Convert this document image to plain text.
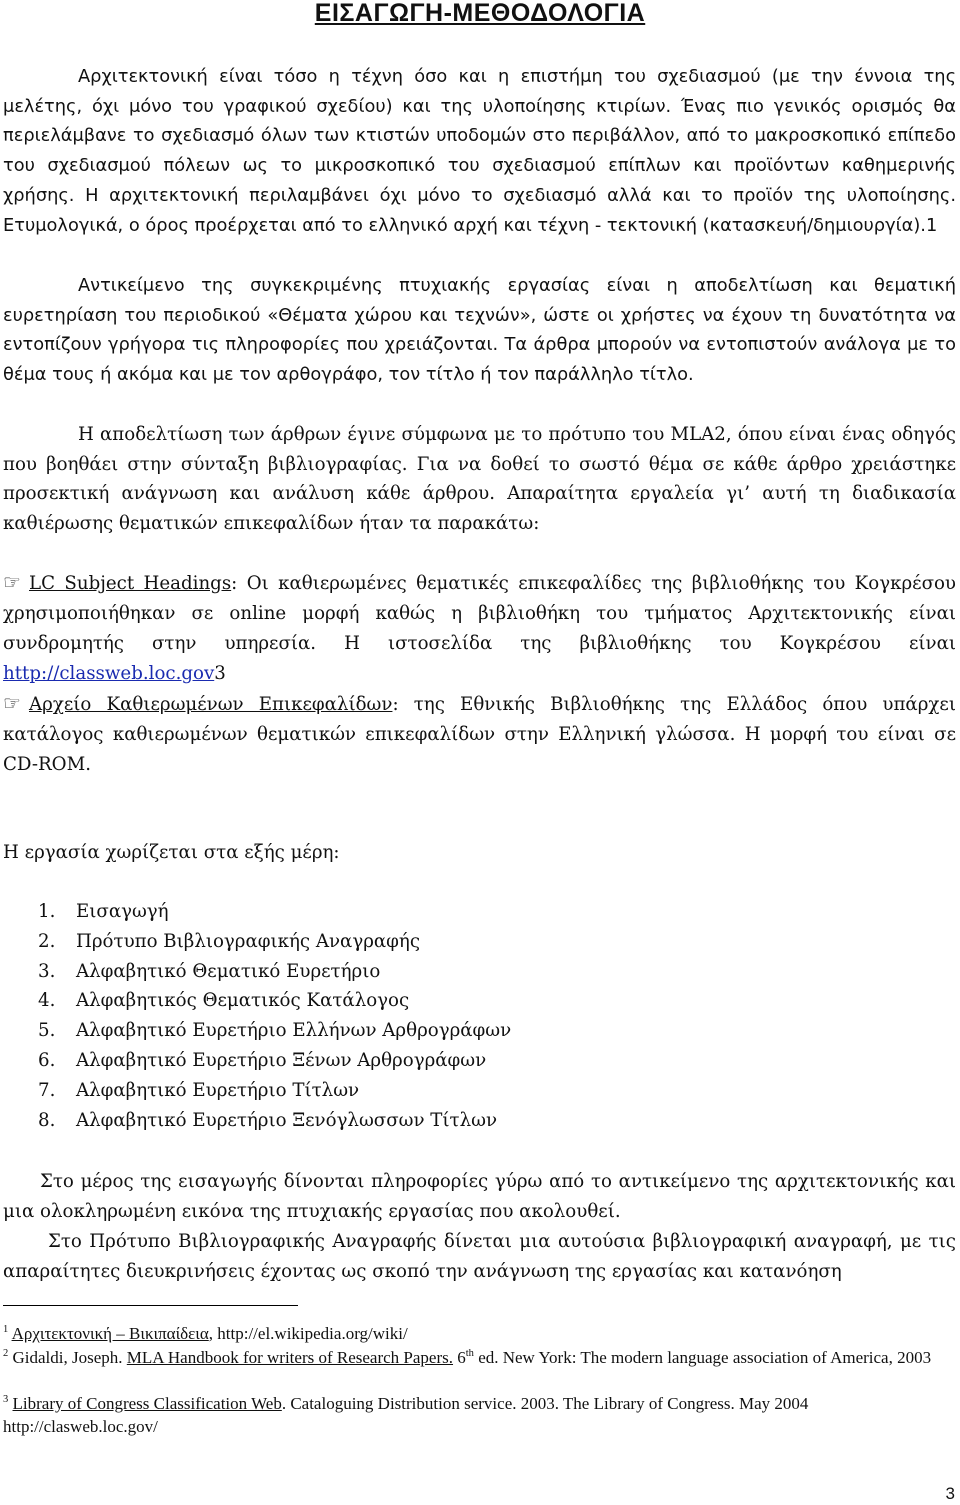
ΕΙΣΑΓΩΓΗ-ΜΕΘΟΔΟΛΟΓΙΑ
Αρχιτεκτονική είναι τόσο η τέχνη όσο και η επιστήμη του σχεδιασμού (με την έννοια της μελέτης, όχι μόνο του γραφικού σχεδίου) και της υλοποίησης κτιρίων. Ένας πιο γενικός ορισμός θα περιελάμβανε το σχεδιασμό όλων των κτιστών υποδομών στο περιβάλλον, από το μακροσκοπικό επίπεδο του σχεδιασμού πόλεων ως το μικροσκοπικό του σχεδιασμού επίπλων και προϊόντων καθημερινής χρήσης. Η αρχιτεκτονική περιλαμβάνει όχι μόνο το σχεδιασμό αλλά και το προϊόν της υλοποίησης. Ετυμολογικά, ο όρος προέρχεται από το ελληνικό αρχή και τέχνη - τεκτονική (κατασκευή/δημιουργία).1
Αντικείμενο της συγκεκριμένης πτυχιακής εργασίας είναι η αποδελτίωση και θεματική ευρετηρίαση του περιοδικού «Θέματα χώρου και τεχνών», ώστε οι χρήστες να έχουν τη δυνατότητα να εντοπίζουν γρήγορα τις πληροφορίες που χρειάζονται. Τα άρθρα μπορούν να εντοπιστούν ανάλογα με το θέμα τους ή ακόμα και με τον αρθογράφο, τον τίτλο ή τον παράλληλο τίτλο.
Η αποδελτίωση των άρθρων έγινε σύμφωνα με το πρότυπο του MLA2, όπου είναι ένας οδηγός που βοηθάει στην σύνταξη βιβλιογραφίας. Για να δοθεί το σωστό θέμα σε κάθε άρθρο χρειάστηκε προσεκτική ανάγνωση και ανάλυση κάθε άρθρου. Απαραίτητα εργαλεία γι’ αυτή τη διαδικασία καθιέρωσης θεματικών επικεφαλίδων ήταν τα παρακάτω:
☞ LC Subject Headings: Οι καθιερωμένες θεματικές επικεφαλίδες της βιβλιοθήκης του Κογκρέσου χρησιμοποιήθηκαν σε online μορφή καθώς η βιβλιοθήκη του τμήματος Αρχιτεκτονικής είναι συνδρομητής στην υπηρεσία. Η ιστοσελίδα της βιβλιοθήκης του Κογκρέσου είναι http://classweb.loc.gov3
☞ Αρχείο Καθιερωμένων Επικεφαλίδων: της Εθνικής Βιβλιοθήκης της Ελλάδος όπου υπάρχει κατάλογος καθιερωμένων θεματικών επικεφαλίδων στην Ελληνική γλώσσα. Η μορφή του είναι σε CD-ROM.
Η εργασία χωρίζεται στα εξής μέρη:
1. Εισαγωγή
2. Πρότυπο Βιβλιογραφικής Αναγραφής
3. Αλφαβητικό Θεματικό Ευρετήριο
4. Αλφαβητικός Θεματικός Κατάλογος
5. Αλφαβητικό Ευρετήριο Ελλήνων Αρθρογράφων
6. Αλφαβητικό Ευρετήριο Ξένων Αρθρογράφων
7. Αλφαβητικό Ευρετήριο Τίτλων
8. Αλφαβητικό Ευρετήριο Ξενόγλωσσων Τίτλων
Στο μέρος της εισαγωγής δίνονται πληροφορίες γύρω από το αντικείμενο της αρχιτεκτονικής και μια ολοκληρωμένη εικόνα της πτυχιακής εργασίας που ακολουθεί.
Στο Πρότυπο Βιβλιογραφικής Αναγραφής δίνεται μια αυτούσια βιβλιογραφική αναγραφή, με τις απαραίτητες διευκρινήσεις έχοντας ως σκοπό την ανάγνωση της εργασίας και κατανόηση
$^1$ Αρχιτεκτονική – Βικιπαίδεια, http://el.wikipedia.org/wiki/
$^2$ Gidaldi, Joseph. MLA Handbook for writers of Research Papers. 6th ed. New York: The modern language association of America, 2003
$^3$ Library of Congress Classification Web. Cataloguing Distribution service. 2003. The Library of Congress. May 2004 http://clasweb.loc.gov/
3
